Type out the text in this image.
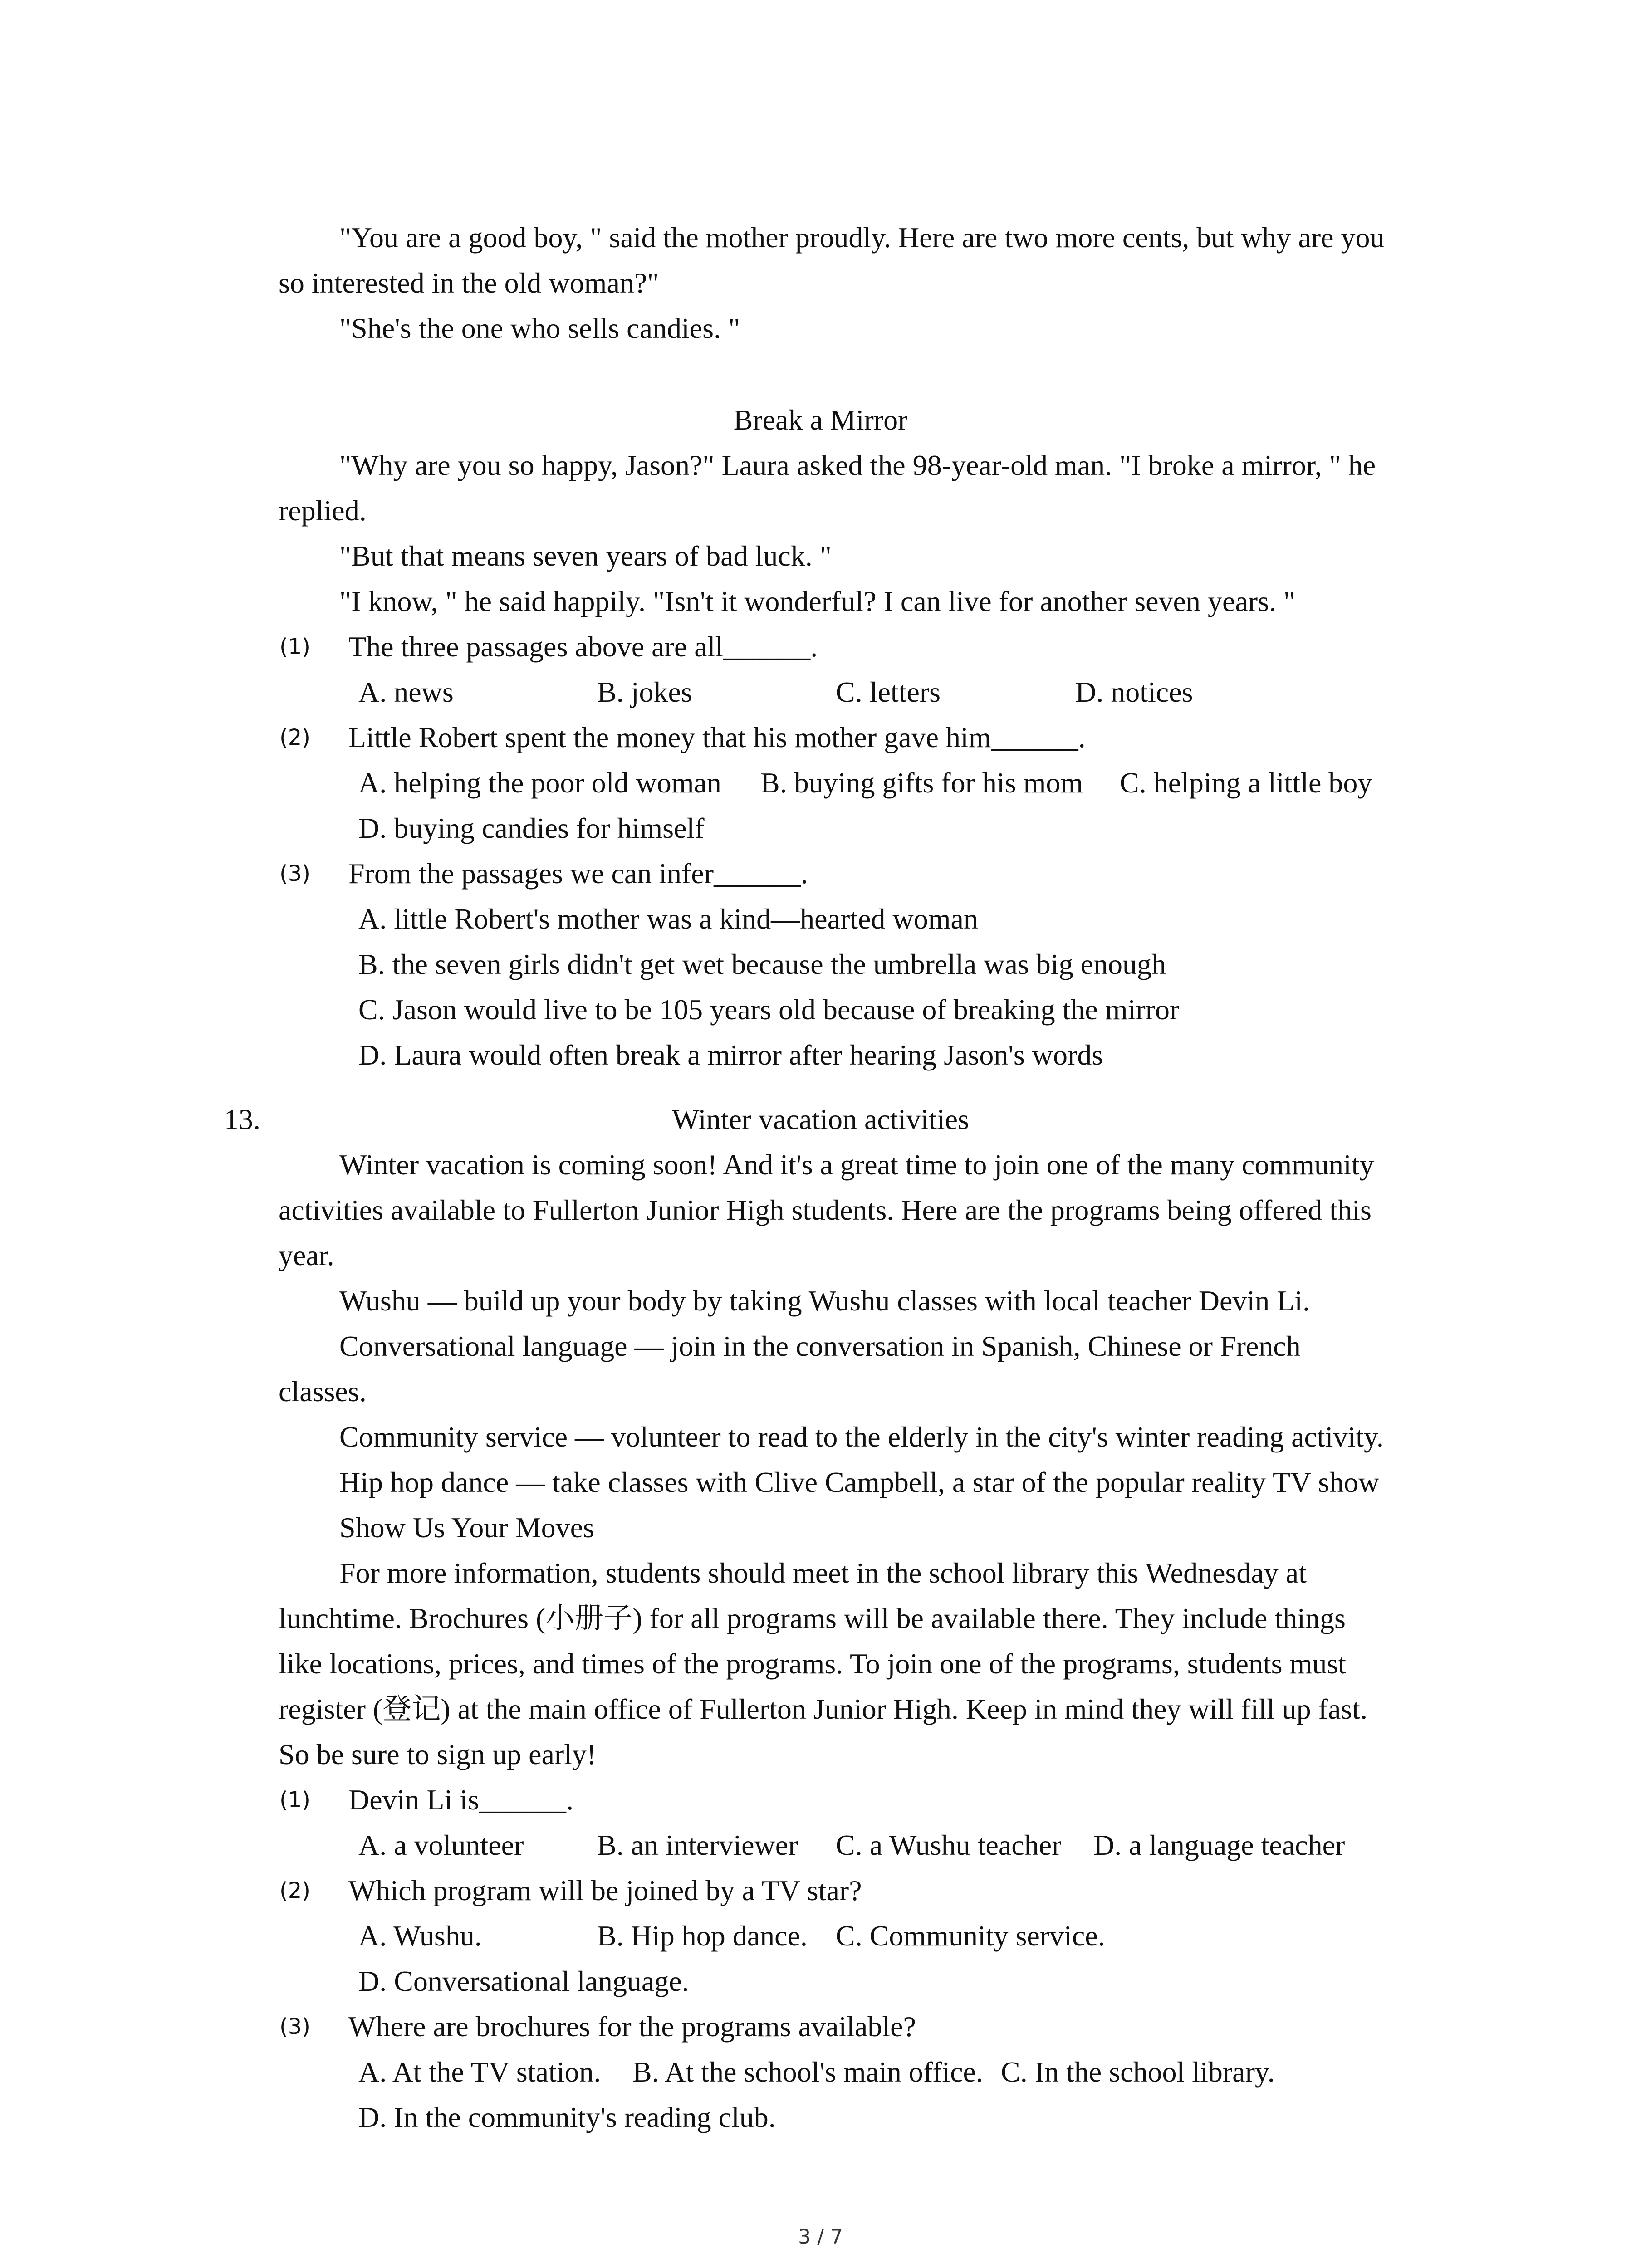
"You are a good boy, " said the mother proudly. Here are two more cents, but why are you
so interested in the old woman?"
"She's the one who sells candies. "
Break a Mirror
"Why are you so happy, Jason?" Laura asked the 98-year-old man. "I broke a mirror, " he
replied.
"But that means seven years of bad luck. "
"I know, " he said happily. "Isn't it wonderful? I can live for another seven years. "
(1) The three passages above are all______.
A. news	B. jokes	C. letters	D. notices
(2) Little Robert spent the money that his mother gave him______.
A. helping the poor old woman B. buying gifts for his mom C. helping a little boy
D. buying candies for himself
(3) From the passages we can infer______.
A. little Robert's mother was a kind—hearted woman
B. the seven girls didn't get wet because the umbrella was big enough
C. Jason would live to be 105 years old because of breaking the mirror
D. Laura would often break a mirror after hearing Jason's words
13.	Winter vacation activities
Winter vacation is coming soon! And it's a great time to join one of the many community
activities available to Fullerton Junior High students. Here are the programs being offered this
year.
Wushu — build up your body by taking Wushu classes with local teacher Devin Li.
Conversational language — join in the conversation in Spanish, Chinese or French
classes.
Community service — volunteer to read to the elderly in the city's winter reading activity.
Hip hop dance — take classes with Clive Campbell, a star of the popular reality TV show
Show Us Your Moves
For more information, students should meet in the school library this Wednesday at
lunchtime. Brochures (小册子) for all programs will be available there. They include things
like locations, prices, and times of the programs. To join one of the programs, students must
register (登记) at the main office of Fullerton Junior High. Keep in mind they will fill up fast.
So be sure to sign up early!
(1) Devin Li is______.
A. a volunteer	B. an interviewer C. a Wushu teacher D. a language teacher
(2) Which program will be joined by a TV star?
A. Wushu.	B. Hip hop dance. C. Community service.
D. Conversational language.
(3) Where are brochures for the programs available?
A. At the TV station. B. At the school's main office. C. In the school library.
D. In the community's reading club.
3 / 7
